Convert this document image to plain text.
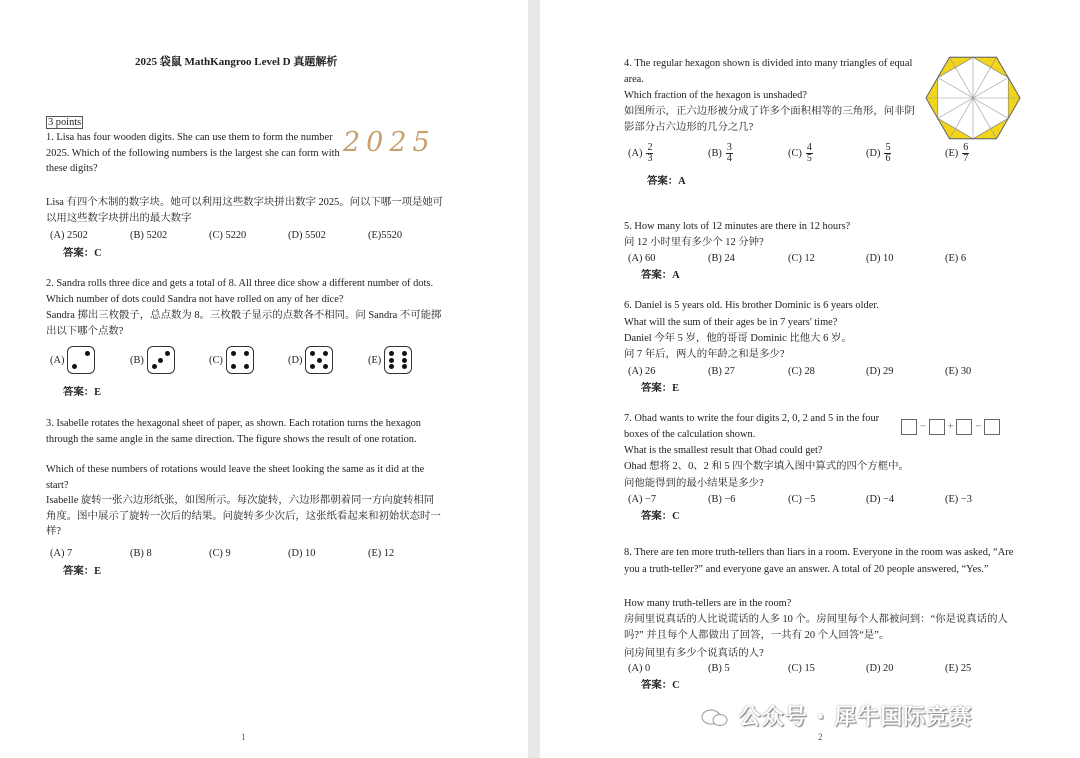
2025 袋鼠 MathKangroo Level D 真题解析
3 points
2025
1. Lisa has four wooden digits. She can use them to form the number 2025. Which of the following numbers is the largest she can form with these digits?
Lisa 有四个木制的数字块。她可以利用这些数字块拼出数字 2025。问以下哪一项是她可以用这些数字块拼出的最大数字
(A) 2502	(B) 5202	(C) 5220	(D) 5502	(E)5520
答案：C
2. Sandra rolls three dice and gets a total of 8. All three dice show a different number of dots. Which number of dots could Sandra not have rolled on any of her dice?
Sandra 掷出三枚骰子，总点数为 8。三枚骰子显示的点数各不相同。问 Sandra 不可能掷出以下哪个点数?
(A)	(B)	(C)	(D)	(E)
答案：E
3. Isabelle rotates the hexagonal sheet of paper, as shown. Each rotation turns the hexagon through the same angle in the same direction. The figure shows the result of one rotation.
Which of these numbers of rotations would leave the sheet looking the same as it did at the start?
Isabelle 旋转一张六边形纸张，如图所示。每次旋转，六边形都朝着同一方向旋转相同角度。图中展示了旋转一次后的结果。问旋转多少次后，这张纸看起来和初始状态时一样?
(A) 7	(B) 8	(C) 9	(D) 10	(E) 12
答案：E
1
4. The regular hexagon shown is divided into many triangles of equal area.
Which fraction of the hexagon is unshaded?
如图所示，正六边形被分成了许多个面积相等的三角形，问非阴影部分占六边形的几分之几?
$(A) \frac{2}{3}$	$(B) \frac{3}{4}$	$(C) \frac{4}{5}$	$(D) \frac{5}{6}$	$(E) \frac{6}{7}$
答案：A
5. How many lots of 12 minutes are there in 12 hours?
问 12 小时里有多少个 12 分钟?
(A) 60	(B) 24	(C) 12	(D) 10	(E) 6
答案：A
6. Daniel is 5 years old. His brother Dominic is 6 years older.
What will the sum of their ages be in 7 years' time?
Daniel 今年 5 岁，他的哥哥 Dominic 比他大 6 岁。
问 7 年后，两人的年龄之和是多少?
(A) 26	(B) 27	(C) 28	(D) 29	(E) 30
答案：E
7. Ohad wants to write the four digits 2, 0, 2 and 5 in the four boxes of the calculation shown.
− + −
What is the smallest result that Ohad could get?
Ohad 想将 2、0、2 和 5 四个数字填入图中算式的四个方框中。
问他能得到的最小结果是多少?
(A) −7	(B) −6	(C) −5	(D) −4	(E) −3
答案：C
8. There are ten more truth-tellers than liars in a room. Everyone in the room was asked, “Are you a truth-teller?” and everyone gave an answer. A total of 20 people answered, “Yes.”
How many truth-tellers are in the room?
房间里说真话的人比说谎话的人多 10 个。房间里每个人都被问到：“你是说真话的人吗?” 并且每个人都做出了回答，一共有 20 个人回答“是”。
问房间里有多少个说真话的人?
(A) 0	(B) 5	(C) 15	(D) 20	(E) 25
答案：C
2
公众号 · 犀牛国际竞赛
